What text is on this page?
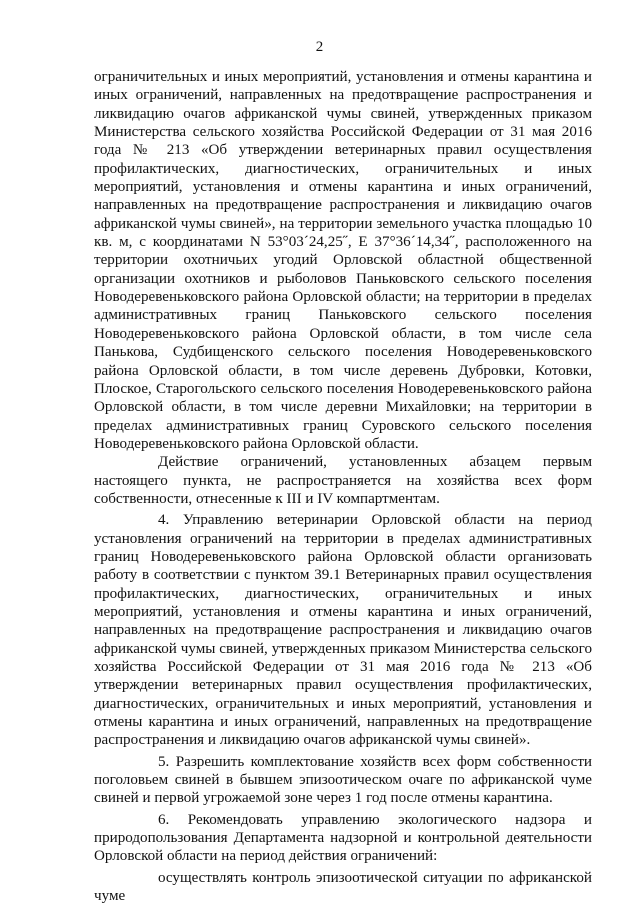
2

ограничительных и иных мероприятий, установления и отмены карантина и иных ограничений, направленных на предотвращение распространения и ликвидацию очагов африканской чумы свиней, утвержденных приказом Министерства сельского хозяйства Российской Федерации от 31 мая 2016 года № 213 «Об утверждении ветеринарных правил осуществления профилактических, диагностических, ограничительных и иных мероприятий, установления и отмены карантина и иных ограничений, направленных на предотвращение распространения и ликвидацию очагов африканской чумы свиней», на территории земельного участка площадью 10 кв. м, с координатами N 53°03´24,25˝, E 37°36´14,34˝, расположенного на территории охотничьих угодий Орловской областной общественной организации охотников и рыболовов Паньковского сельского поселения Новодеревеньковского района Орловской области; на территории в пределах административных границ Паньковского сельского поселения Новодеревеньковского района Орловской области, в том числе села Панькова, Судбищенского сельского поселения Новодеревеньковского района Орловской области, в том числе деревень Дубровки, Котовки, Плоское, Старогольского сельского поселения Новодеревеньковского района Орловской области, в том числе деревни Михайловки; на территории в пределах административных границ Суровского сельского поселения Новодеревеньковского района Орловской области.

Действие ограничений, установленных абзацем первым настоящего пункта, не распространяется на хозяйства всех форм собственности, отнесенные к III и IV компартментам.

4. Управлению ветеринарии Орловской области на период установления ограничений на территории в пределах административных границ Новодеревеньковского района Орловской области организовать работу в соответствии с пунктом 39.1 Ветеринарных правил осуществления профилактических, диагностических, ограничительных и иных мероприятий, установления и отмены карантина и иных ограничений, направленных на предотвращение распространения и ликвидацию очагов африканской чумы свиней, утвержденных приказом Министерства сельского хозяйства Российской Федерации от 31 мая 2016 года № 213 «Об утверждении ветеринарных правил осуществления профилактических, диагностических, ограничительных и иных мероприятий, установления и отмены карантина и иных ограничений, направленных на предотвращение распространения и ликвидацию очагов африканской чумы свиней».

5. Разрешить комплектование хозяйств всех форм собственности поголовьем свиней в бывшем эпизоотическом очаге по африканской чуме свиней и первой угрожаемой зоне через 1 год после отмены карантина.

6. Рекомендовать управлению экологического надзора и природопользования Департамента надзорной и контрольной деятельности Орловской области на период действия ограничений:

осуществлять контроль эпизоотической ситуации по африканской чуме
